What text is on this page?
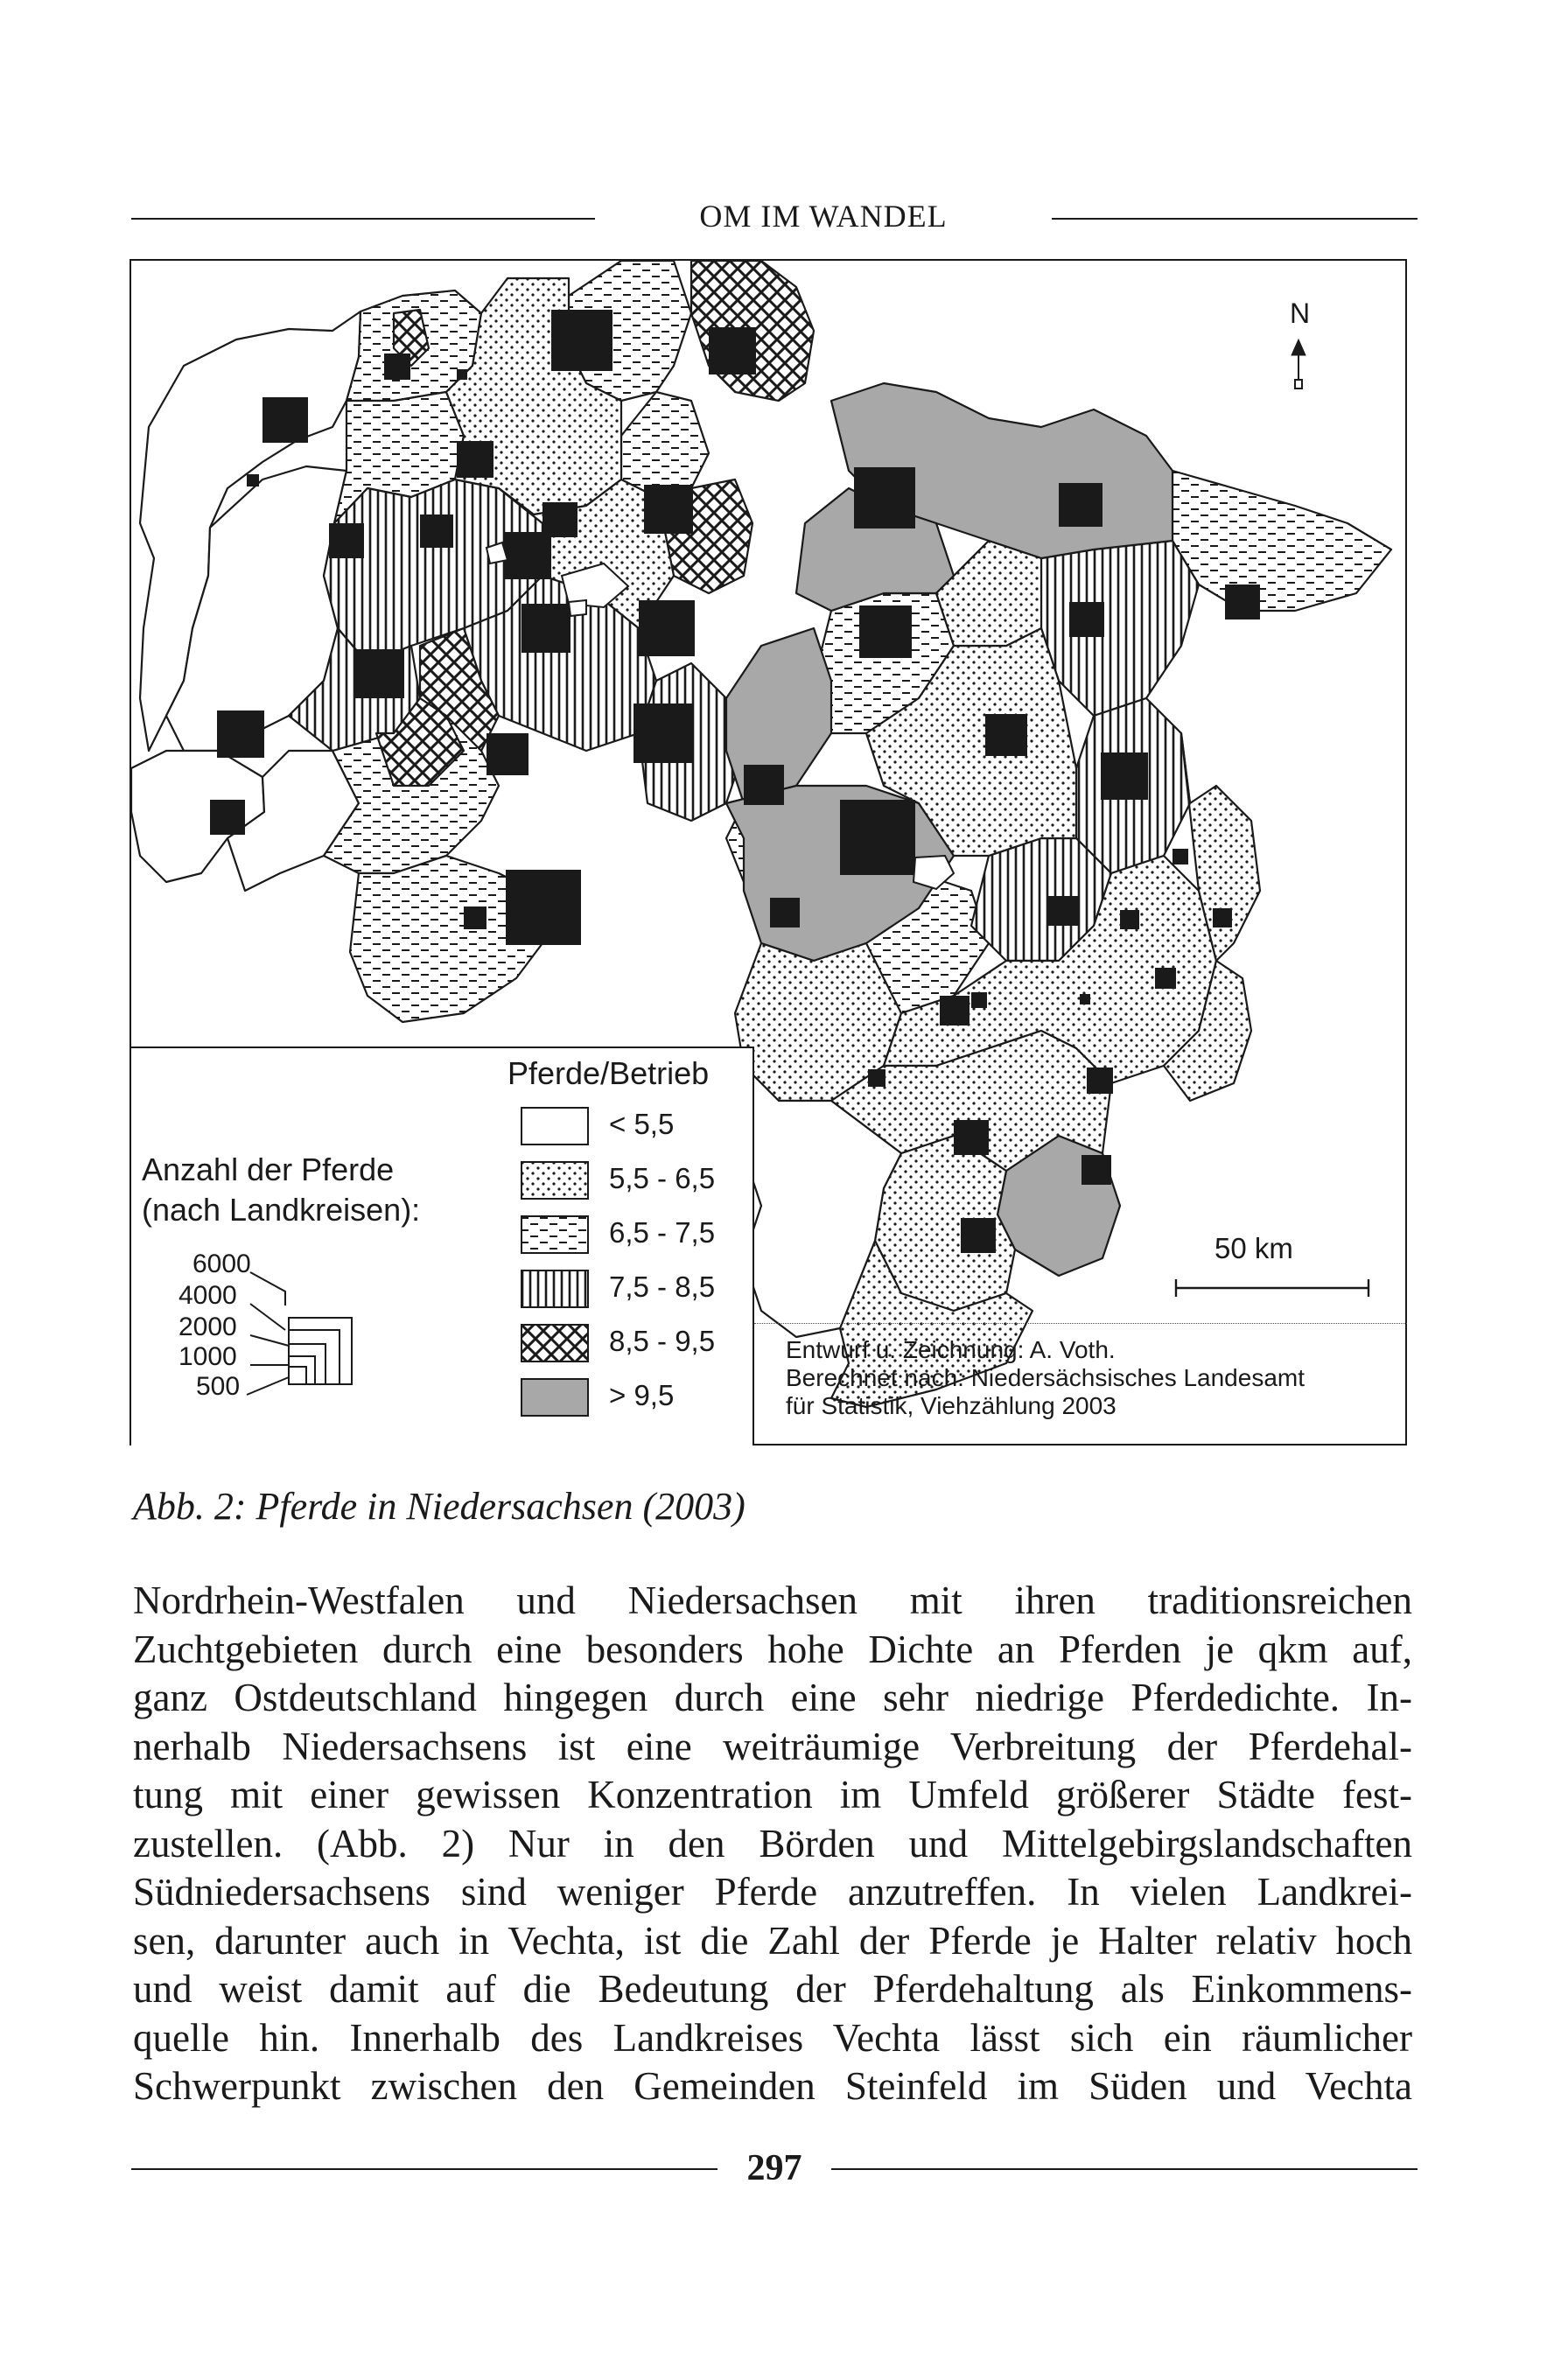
OM IM WANDEL
N
50 km
Pferde/Betrieb
< 5,5
5,5 - 6,5
6,5 - 7,5
7,5 - 8,5
8,5 - 9,5
> 9,5
Anzahl der Pferde
(nach Landkreisen):
6000
4000
2000
1000
500
Entwurf u. Zeichnung: A. Voth.
Berechnet nach: Niedersächsisches Landesamt
für Statistik, Viehzählung 2003
Abb. 2: Pferde in Niedersachsen (2003)
Nordrhein-Westfalen und Niedersachsen mit ihren traditionsreichen
Zuchtgebieten durch eine besonders hohe Dichte an Pferden je qkm auf,
ganz Ostdeutschland hingegen durch eine sehr niedrige Pferdedichte. In-
nerhalb Niedersachsens ist eine weiträumige Verbreitung der Pferdehal-
tung mit einer gewissen Konzentration im Umfeld größerer Städte fest-
zustellen. (Abb. 2) Nur in den Börden und Mittelgebirgslandschaften
Südniedersachsens sind weniger Pferde anzutreffen. In vielen Landkrei-
sen, darunter auch in Vechta, ist die Zahl der Pferde je Halter relativ hoch
und weist damit auf die Bedeutung der Pferdehaltung als Einkommens-
quelle hin. Innerhalb des Landkreises Vechta lässt sich ein räumlicher
Schwerpunkt zwischen den Gemeinden Steinfeld im Süden und Vechta
297
